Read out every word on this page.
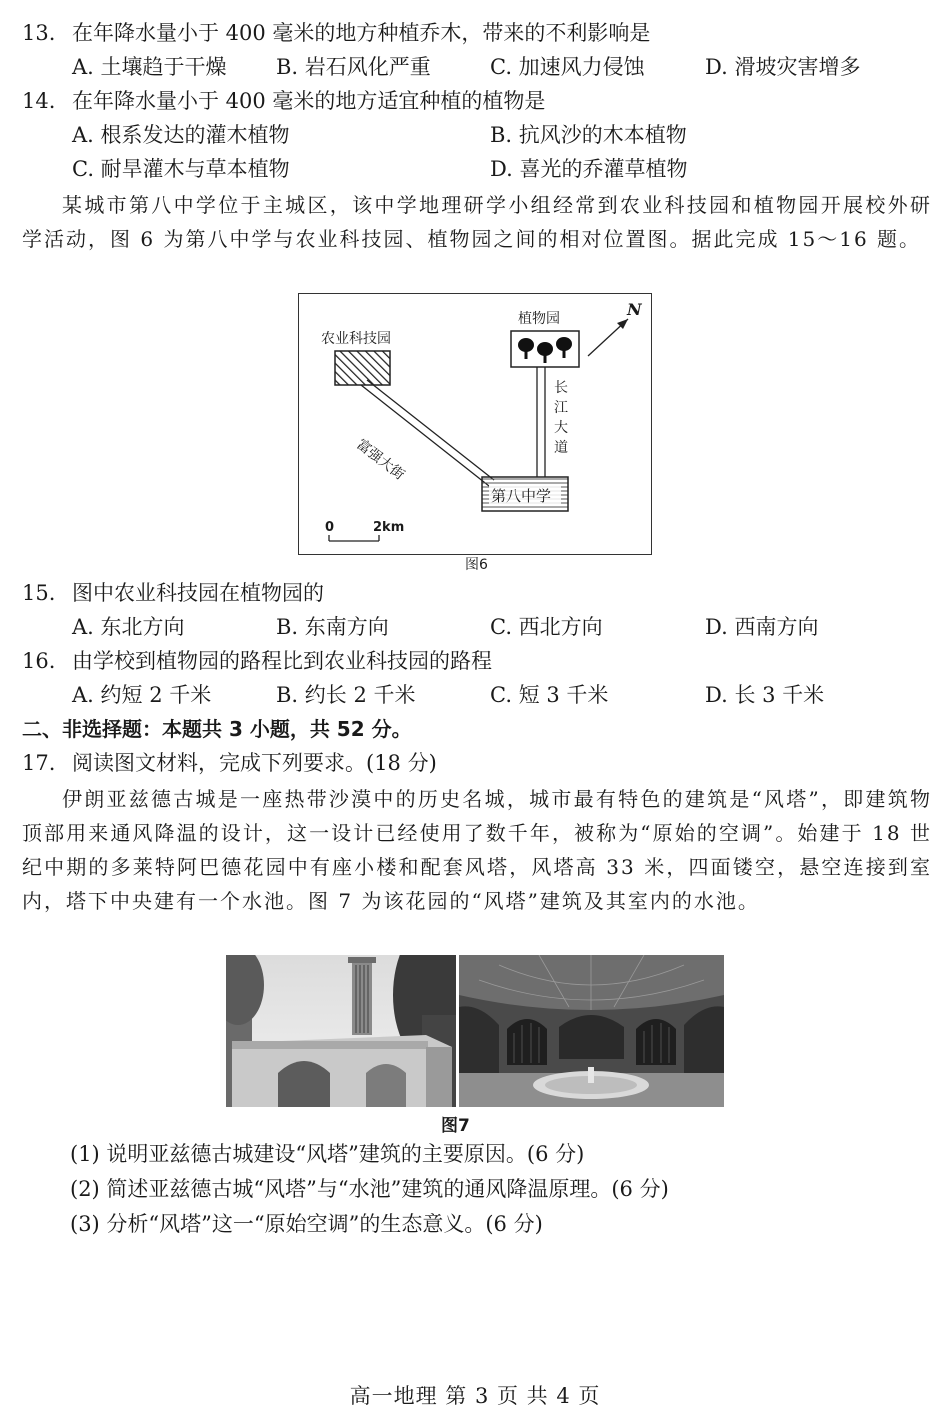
13. 在年降水量小于 400 毫米的地方种植乔木，带来的不利影响是
A. 土壤趋于干燥 B. 岩石风化严重	C. 加速风力侵蚀	D. 滑坡灾害增多
14. 在年降水量小于 400 毫米的地方适宜种植的植物是
A. 根系发达的灌木植物	B. 抗风沙的木本植物
C. 耐旱灌木与草本植物	D. 喜光的乔灌草植物
某城市第八中学位于主城区，该中学地理研学小组经常到农业科技园和植物园开展校外研学活动，图 6 为第八中学与农业科技园、植物园之间的相对位置图。据此完成 15～16 题。
农业科技园
植物园
第八中学
富强大街
长
江
大
道
N
0	2km
图6
15. 图中农业科技园在植物园的
A. 东北方向	B. 东南方向	C. 西北方向	D. 西南方向
16. 由学校到植物园的路程比到农业科技园的路程
A. 约短 2 千米	B. 约长 2 千米	C. 短 3 千米	D. 长 3 千米
二、非选择题：本题共 3 小题，共 52 分。
17. 阅读图文材料，完成下列要求。(18 分)
伊朗亚兹德古城是一座热带沙漠中的历史名城，城市最有特色的建筑是“风塔”，即建筑物顶部用来通风降温的设计，这一设计已经使用了数千年，被称为“原始的空调”。始建于 18 世纪中期的多莱特阿巴德花园中有座小楼和配套风塔，风塔高 33 米，四面镂空，悬空连接到室内，塔下中央建有一个水池。图 7 为该花园的“风塔”建筑及其室内的水池。
图7
(1) 说明亚兹德古城建设“风塔”建筑的主要原因。(6 分)
(2) 简述亚兹德古城“风塔”与“水池”建筑的通风降温原理。(6 分)
(3) 分析“风塔”这一“原始空调”的生态意义。(6 分)
高一地理 第 3 页 共 4 页
